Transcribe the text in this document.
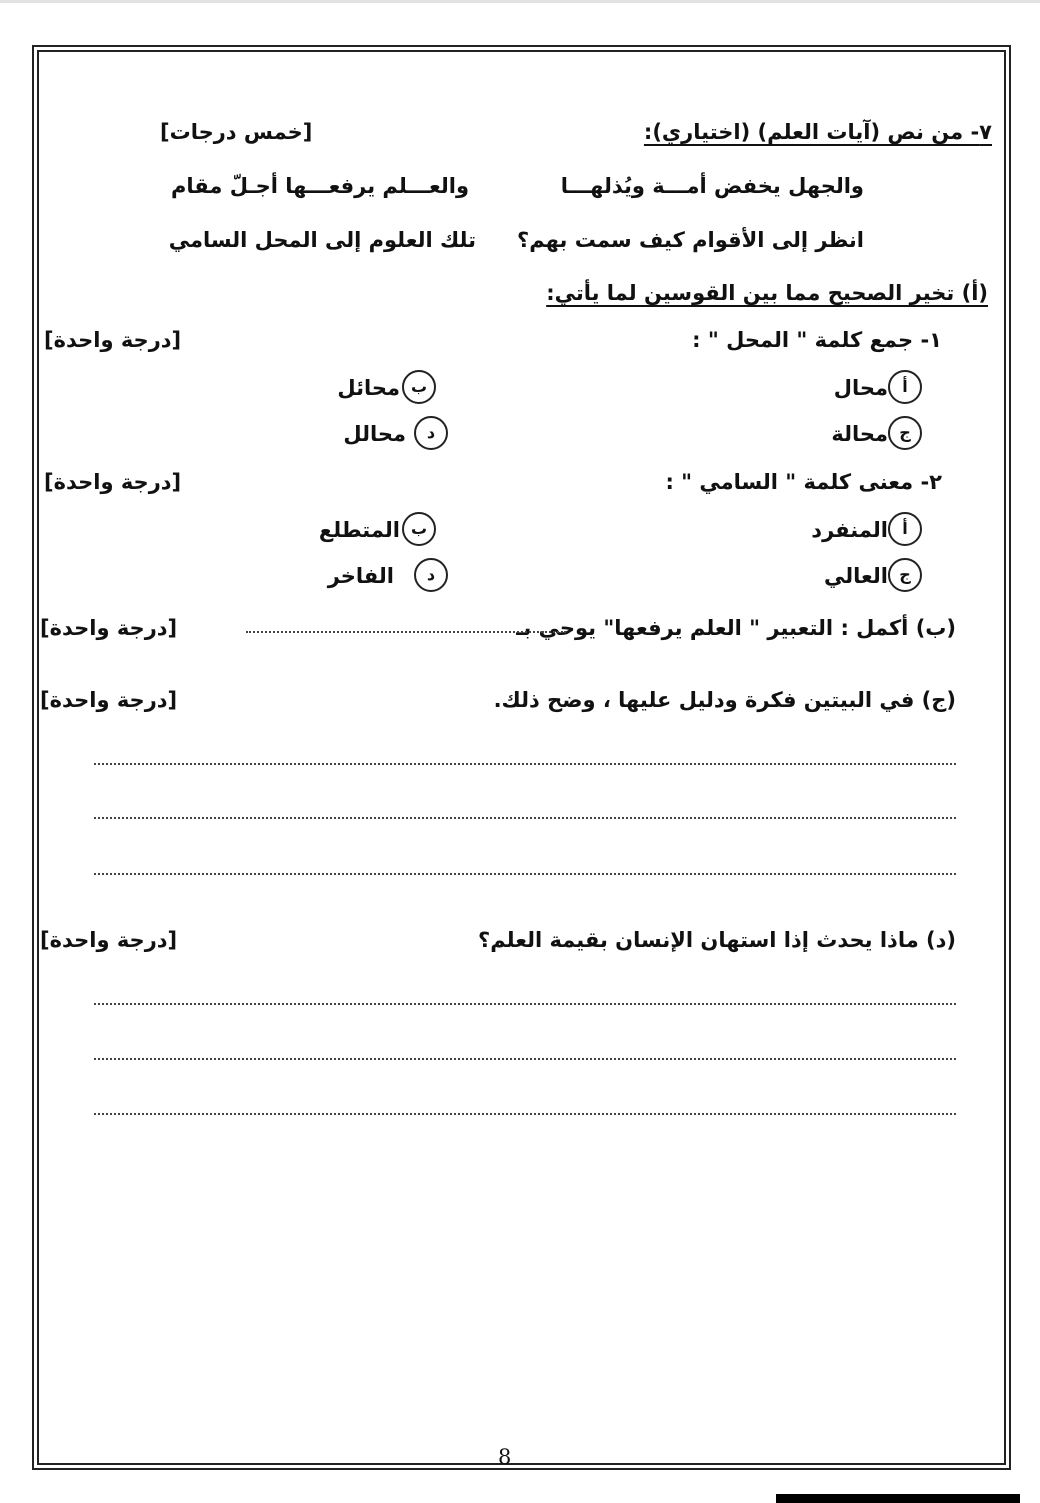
٧- من نص (آيات العلم) (اختياري):
[خمس درجات]
والجهل يخفض أمـــة ويُذلهـــا
والعـــلم يرفعـــها أجـلّ مقام
انظر إلى الأقوام كيف سمت بهم؟
تلك العلوم إلى المحل السامي
(أ) تخير الصحيح مما بين القوسين لما يأتي:
١- جمع كلمة " المحل " :
[درجة واحدة]
أ
محال
ب
محائل
ج
محالة
د
محالل
٢- معنى كلمة " السامي " :
[درجة واحدة]
أ
المنفرد
ب
المتطلع
ج
العالي
د
الفاخر
(ب) أكمل : التعبير " العلم يرفعها" يوحي بـ
[درجة واحدة]
(ج) في البيتين فكرة ودليل عليها ، وضح ذلك.
[درجة واحدة]
(د) ماذا يحدث إذا استهان الإنسان بقيمة العلم؟
[درجة واحدة]
8
